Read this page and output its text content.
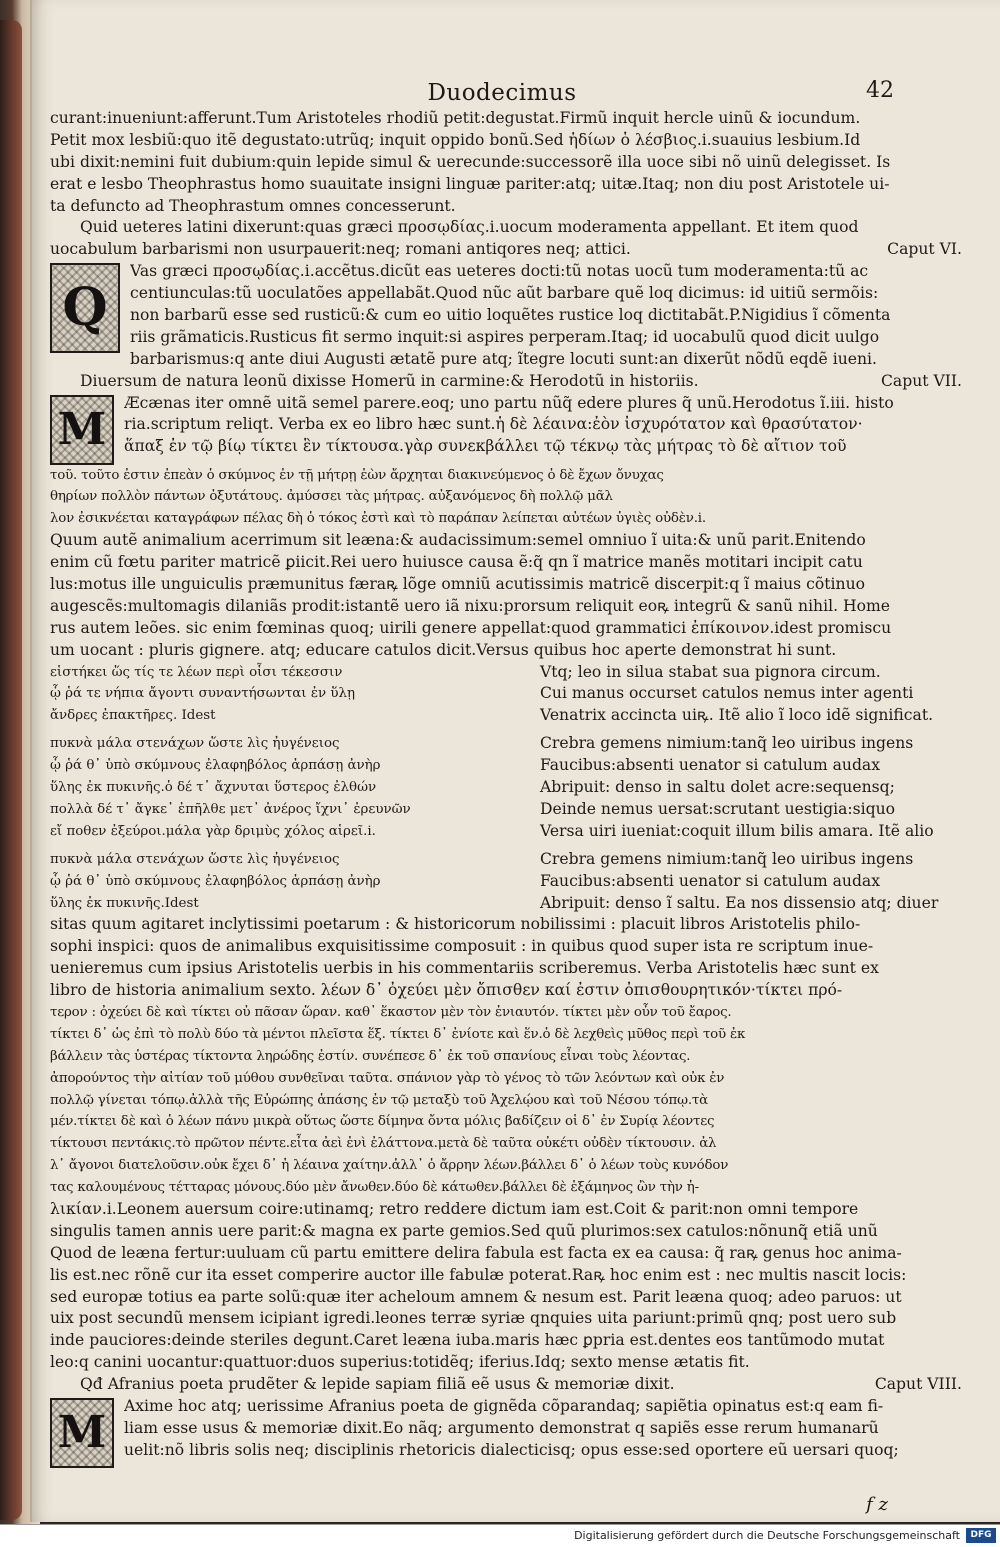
Duodecimus	42
curant:inueniunt:afferunt.Tum Aristoteles rhodiũ petit:degustat.Firmũ inquit hercle uinũ & iocundum.
Petit mox lesbiũ:quo itẽ degustato:utrũq; inquit oppido bonũ.Sed ἡδίων ὁ λέσβιος.i.suauius lesbium.Id
ubi dixit:nemini fuit dubium:quin lepide simul & uerecunde:successorẽ illa uoce sibi nõ uinũ delegisset. Is
erat e lesbo Theophrastus homo suauitate insigni linguæ pariter:atq; uitæ.Itaq; non diu post Aristotele ui-
ta defuncto ad Theophrastum omnes concesserunt.
Quid ueteres latini dixerunt:quas græci προσῳδίας.i.uocum moderamenta appellant. Et item quod
uocabulum barbarismi non usurpauerit:neq; romani antiqores neq; attici.	Caput VI.
Q
Vas græci προσῳδίας.i.accẽtus.dicũt eas ueteres docti:tũ notas uocũ tum moderamenta:tũ ac
centiunculas:tũ uoculatões appellabãt.Quod nũc aũt barbare quẽ loq dicimus: id uitiũ sermõis:
non barbarũ esse sed rusticũ:& cum eo uitio loquẽtes rustice loq dictitabãt.P.Nigidius ĩ cõmenta
riis grãmaticis.Rusticus fit sermo inquit:si aspires perperam.Itaq; id uocabulũ quod dicit uulgo
barbarismus:q ante diui Augusti ætatẽ pure atq; ĩtegre locuti sunt:an dixerũt nõdũ eqdẽ iueni.
Diuersum de natura leonũ dixisse Homerũ in carmine:& Herodotũ in historiis.	Caput VII.
M
Æcænas iter omnẽ uitã semel parere.eoq; uno partu nũq̃ edere plures q̃ unũ.Herodotus ĩ.iii. histo
ria.scriptum reliqt. Verba ex eo libro hæc sunt.ἡ δὲ λέαινα:ἐὸν ἰσχυρότατον καὶ θρασύτατον·
ἅπαξ ἐν τῷ βίῳ τίκτει ἓν τίκτουσα.γὰρ συνεκβάλλει τῷ τέκνῳ τὰς μήτρας τὸ δὲ αἴτιον τοῦ
τοῦ. τοῦτο ἐστιν ἐπεὰν ὁ σκύμνος ἐν τῇ μήτρῃ ἐὼν ἄρχηται διακινεύμενος ὁ δὲ ἔχων ὄνυχας
θηρίων πολλὸν πάντων ὀξυτάτους. ἀμύσσει τὰς μήτρας. αὐξανόμενος δὴ πολλῷ μᾶλ
λον ἐσικνέεται καταγράφων πέλας δὴ ὁ τόκος ἐστὶ καὶ τὸ παράπαν λείπεται αὐτέων ὑγιὲς οὐδὲν.i.
Quum autẽ animalium acerrimum sit leæna:& audacissimum:semel omniuo ĩ uita:& unũ parit.Enitendo
enim cũ fœtu pariter matricẽ ꝑiicit.Rei uero huiusce causa ẽ:q̃ qn ĩ matrice manẽs motitari incipit catu
lus:motus ille unguiculis præmunitus færaꝶ lõge omniũ acutissimis matricẽ discerpit:q ĩ maius cõtinuo
augescẽs:multomagis dilaniãs prodit:istantẽ uero iã nixu:prorsum reliquit eoꝶ integrũ & sanũ nihil. Home
rus autem leões. sic enim fœminas quoq; uirili genere appellat:quod grammatici ἐπίκοινον.idest promiscu
um uocant : pluris gignere. atq; educare catulos dicit.Versus quibus hoc aperte demonstrat hi sunt.
εἱστήκει ὥς τίς τε λέων περὶ οἷσι τέκεσσιν	Vtq; leo in silua stabat sua pignora circum.
ᾧ ῥά τε νήπια ἄγοντι συναντήσωνται ἐν ὕλῃ	Cui manus occurset catulos nemus inter agenti
ἄνδρες ἐπακτῆρες. Idest	Venatrix accincta uiꝶ. Itẽ alio ĩ loco idẽ significat.
πυκνὰ μάλα στενάχων ὥστε λὶς ἠυγένειος	Crebra gemens nimium:tanq̃ leo uiribus ingens
ᾧ ῥά θ᾽ ὑπὸ σκύμνους ἐλαφηβόλος ἁρπάσῃ ἀνὴρ	Faucibus:absenti uenator si catulum audax
ὕλης ἐκ πυκινῆς.ὁ δέ τ᾽ ἄχνυται ὕστερος ἐλθών	Abripuit: denso in saltu dolet acre:sequensq;
πολλὰ δέ τ᾽ ἄγκε᾽ ἐπῆλθε μετ᾽ ἀνέρος ἴχνι᾽ ἐρευνῶν	Deinde nemus uersat:scrutant uestigia:siquo
εἴ ποθεν ἐξεύροι.μάλα γὰρ δριμὺς χόλος αἱρεῖ.i.	Versa uiri iueniat:coquit illum bilis amara. Itẽ alio
πυκνὰ μάλα στενάχων ὥστε λὶς ἠυγένειος	Crebra gemens nimium:tanq̃ leo uiribus ingens
ᾧ ῥά θ᾽ ὑπὸ σκύμνους ἐλαφηβόλος ἁρπάσῃ ἀνὴρ	Faucibus:absenti uenator si catulum audax
ὕλης ἐκ πυκινῆς.Idest	Abripuit: denso ĩ saltu. Ea nos dissensio atq; diuer
sitas quum agitaret inclytissimi poetarum : & historicorum nobilissimi : placuit libros Aristotelis philo-
sophi inspici: quos de animalibus exquisitissime composuit : in quibus quod super ista re scriptum inue-
uenieremus cum ipsius Aristotelis uerbis in his commentariis scriberemus. Verba Aristotelis hæc sunt ex
libro de historia animalium sexto. λέων δ᾽ ὀχεύει μὲν ὄπισθεν καί ἐστιν ὀπισθουρητικόν·τίκτει πρό-
τερον : ὀχεύει δὲ καὶ τίκτει οὐ πᾶσαν ὥραν. καθ᾽ ἕκαστον μὲν τὸν ἐνιαυτόν. τίκτει μὲν οὖν τοῦ ἔαρος.
τίκτει δ᾽ ὡς ἐπὶ τὸ πολὺ δύο τὰ μέντοι πλεῖστα ἕξ. τίκτει δ᾽ ἐνίοτε καὶ ἕν.ὁ δὲ λεχθεὶς μῦθος περὶ τοῦ ἐκ
βάλλειν τὰς ὑστέρας τίκτοντα ληρώδης ἐστίν. συνέπεσε δ᾽ ἐκ τοῦ σπανίους εἶναι τοὺς λέοντας.
ἀπορούντος τὴν αἰτίαν τοῦ μύθου συνθεῖναι ταῦτα. σπάνιον γὰρ τὸ γένος τὸ τῶν λεόντων καὶ οὐκ ἐν
πολλῷ γίνεται τόπῳ.ἀλλὰ τῆς Εὐρώπης ἁπάσης ἐν τῷ μεταξὺ τοῦ Ἀχελῴου καὶ τοῦ Νέσου τόπῳ.τὰ
μέν.τίκτει δὲ καὶ ὁ λέων πάνυ μικρὰ οὕτως ὥστε δίμηνα ὄντα μόλις βαδίζειν οἱ δ᾽ ἐν Συρίᾳ λέοντες
τίκτουσι πεντάκις.τὸ πρῶτον πέντε.εἶτα ἀεὶ ἑνὶ ἐλάττονα.μετὰ δὲ ταῦτα οὐκέτι οὐδὲν τίκτουσιν. ἀλ
λ᾽ ἄγονοι διατελοῦσιν.οὐκ ἔχει δ᾽ ἡ λέαινα χαίτην.ἀλλ᾽ ὁ ἄρρην λέων.βάλλει δ᾽ ὁ λέων τοὺς κυνόδον
τας καλουμένους τέτταρας μόνους.δύο μὲν ἄνωθεν.δύο δὲ κάτωθεν.βάλλει δὲ ἑξάμηνος ὢν τὴν ἡ-
λικίαν.i.Leonem auersum coire:utinamq; retro reddere dictum iam est.Coit & parit:non omni tempore
singulis tamen annis uere parit:& magna ex parte gemios.Sed quũ plurimos:sex catulos:nõnunq̃ etiã unũ
Quod de leæna fertur:uuluam cũ partu emittere delira fabula est facta ex ea causa: q̃ raꝶ genus hoc anima-
lis est.nec rõnẽ cur ita esset comperire auctor ille fabulæ poterat.Raꝶ hoc enim est : nec multis nascit locis:
sed europæ totius ea parte solũ:quæ iter acheloum amnem & nesum est. Parit leæna quoq; adeo paruos: ut
uix post secundũ mensem icipiant igredi.leones terræ syriæ qnquies uita pariunt:primũ qnq; post uero sub
inde pauciores:deinde steriles degunt.Caret leæna iuba.maris hæc ꝑpria est.dentes eos tantũmodo mutat
leo:q canini uocantur:quattuor:duos superius:totidẽq; iferius.Idq; sexto mense ætatis fit.
Qđ Afranius poeta prudẽter & lepide sapiam filiã eẽ usus & memoriæ dixit.	Caput VIII.
M
Axime hoc atq; uerissime Afranius poeta de gignẽda cõparandaq; sapiẽtia opinatus est:q eam fi-
liam esse usus & memoriæ dixit.Eo nãq; argumento demonstrat q sapiẽs esse rerum humanarũ
uelit:nõ libris solis neq; disciplinis rhetoricis dialecticisq; opus esse:sed oportere eũ uersari quoq;
f z
Digitalisierung gefördert durch die Deutsche Forschungsgemeinschaft	DFG
